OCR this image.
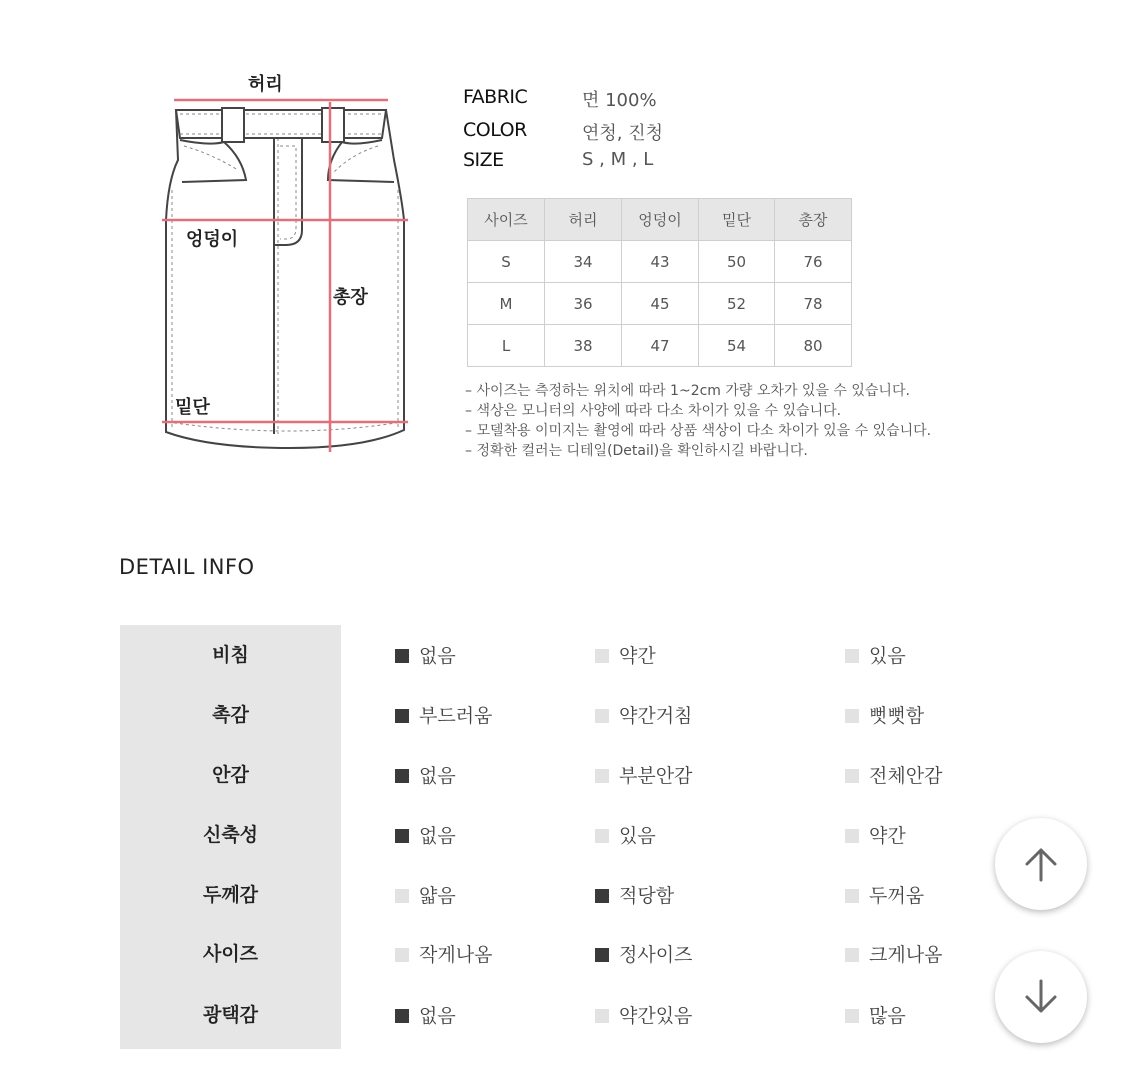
허리
엉덩이
총장
밑단
FABRIC	면 100%
COLOR	연청, 진청
SIZE	S , M , L
사이즈	허리	엉덩이	밑단	총장
S	34	43	50	76
M	36	45	52	78
L	38	47	54	80
– 사이즈는 측정하는 위치에 따라 1~2cm 가량 오차가 있을 수 있습니다.
– 색상은 모니터의 사양에 따라 다소 차이가 있을 수 있습니다.
– 모델착용 이미지는 촬영에 따라 상품 색상이 다소 차이가 있을 수 있습니다.
– 정확한 컬러는 디테일(Detail)을 확인하시길 바랍니다.
DETAIL INFO
비침	없음	약간	있음
촉감	부드러움	약간거침	뻣뻣함
안감	없음	부분안감	전체안감
신축성	없음	있음	약간
두께감	얇음	적당함	두꺼움
사이즈	작게나옴	정사이즈	크게나옴
광택감	없음	약간있음	많음
